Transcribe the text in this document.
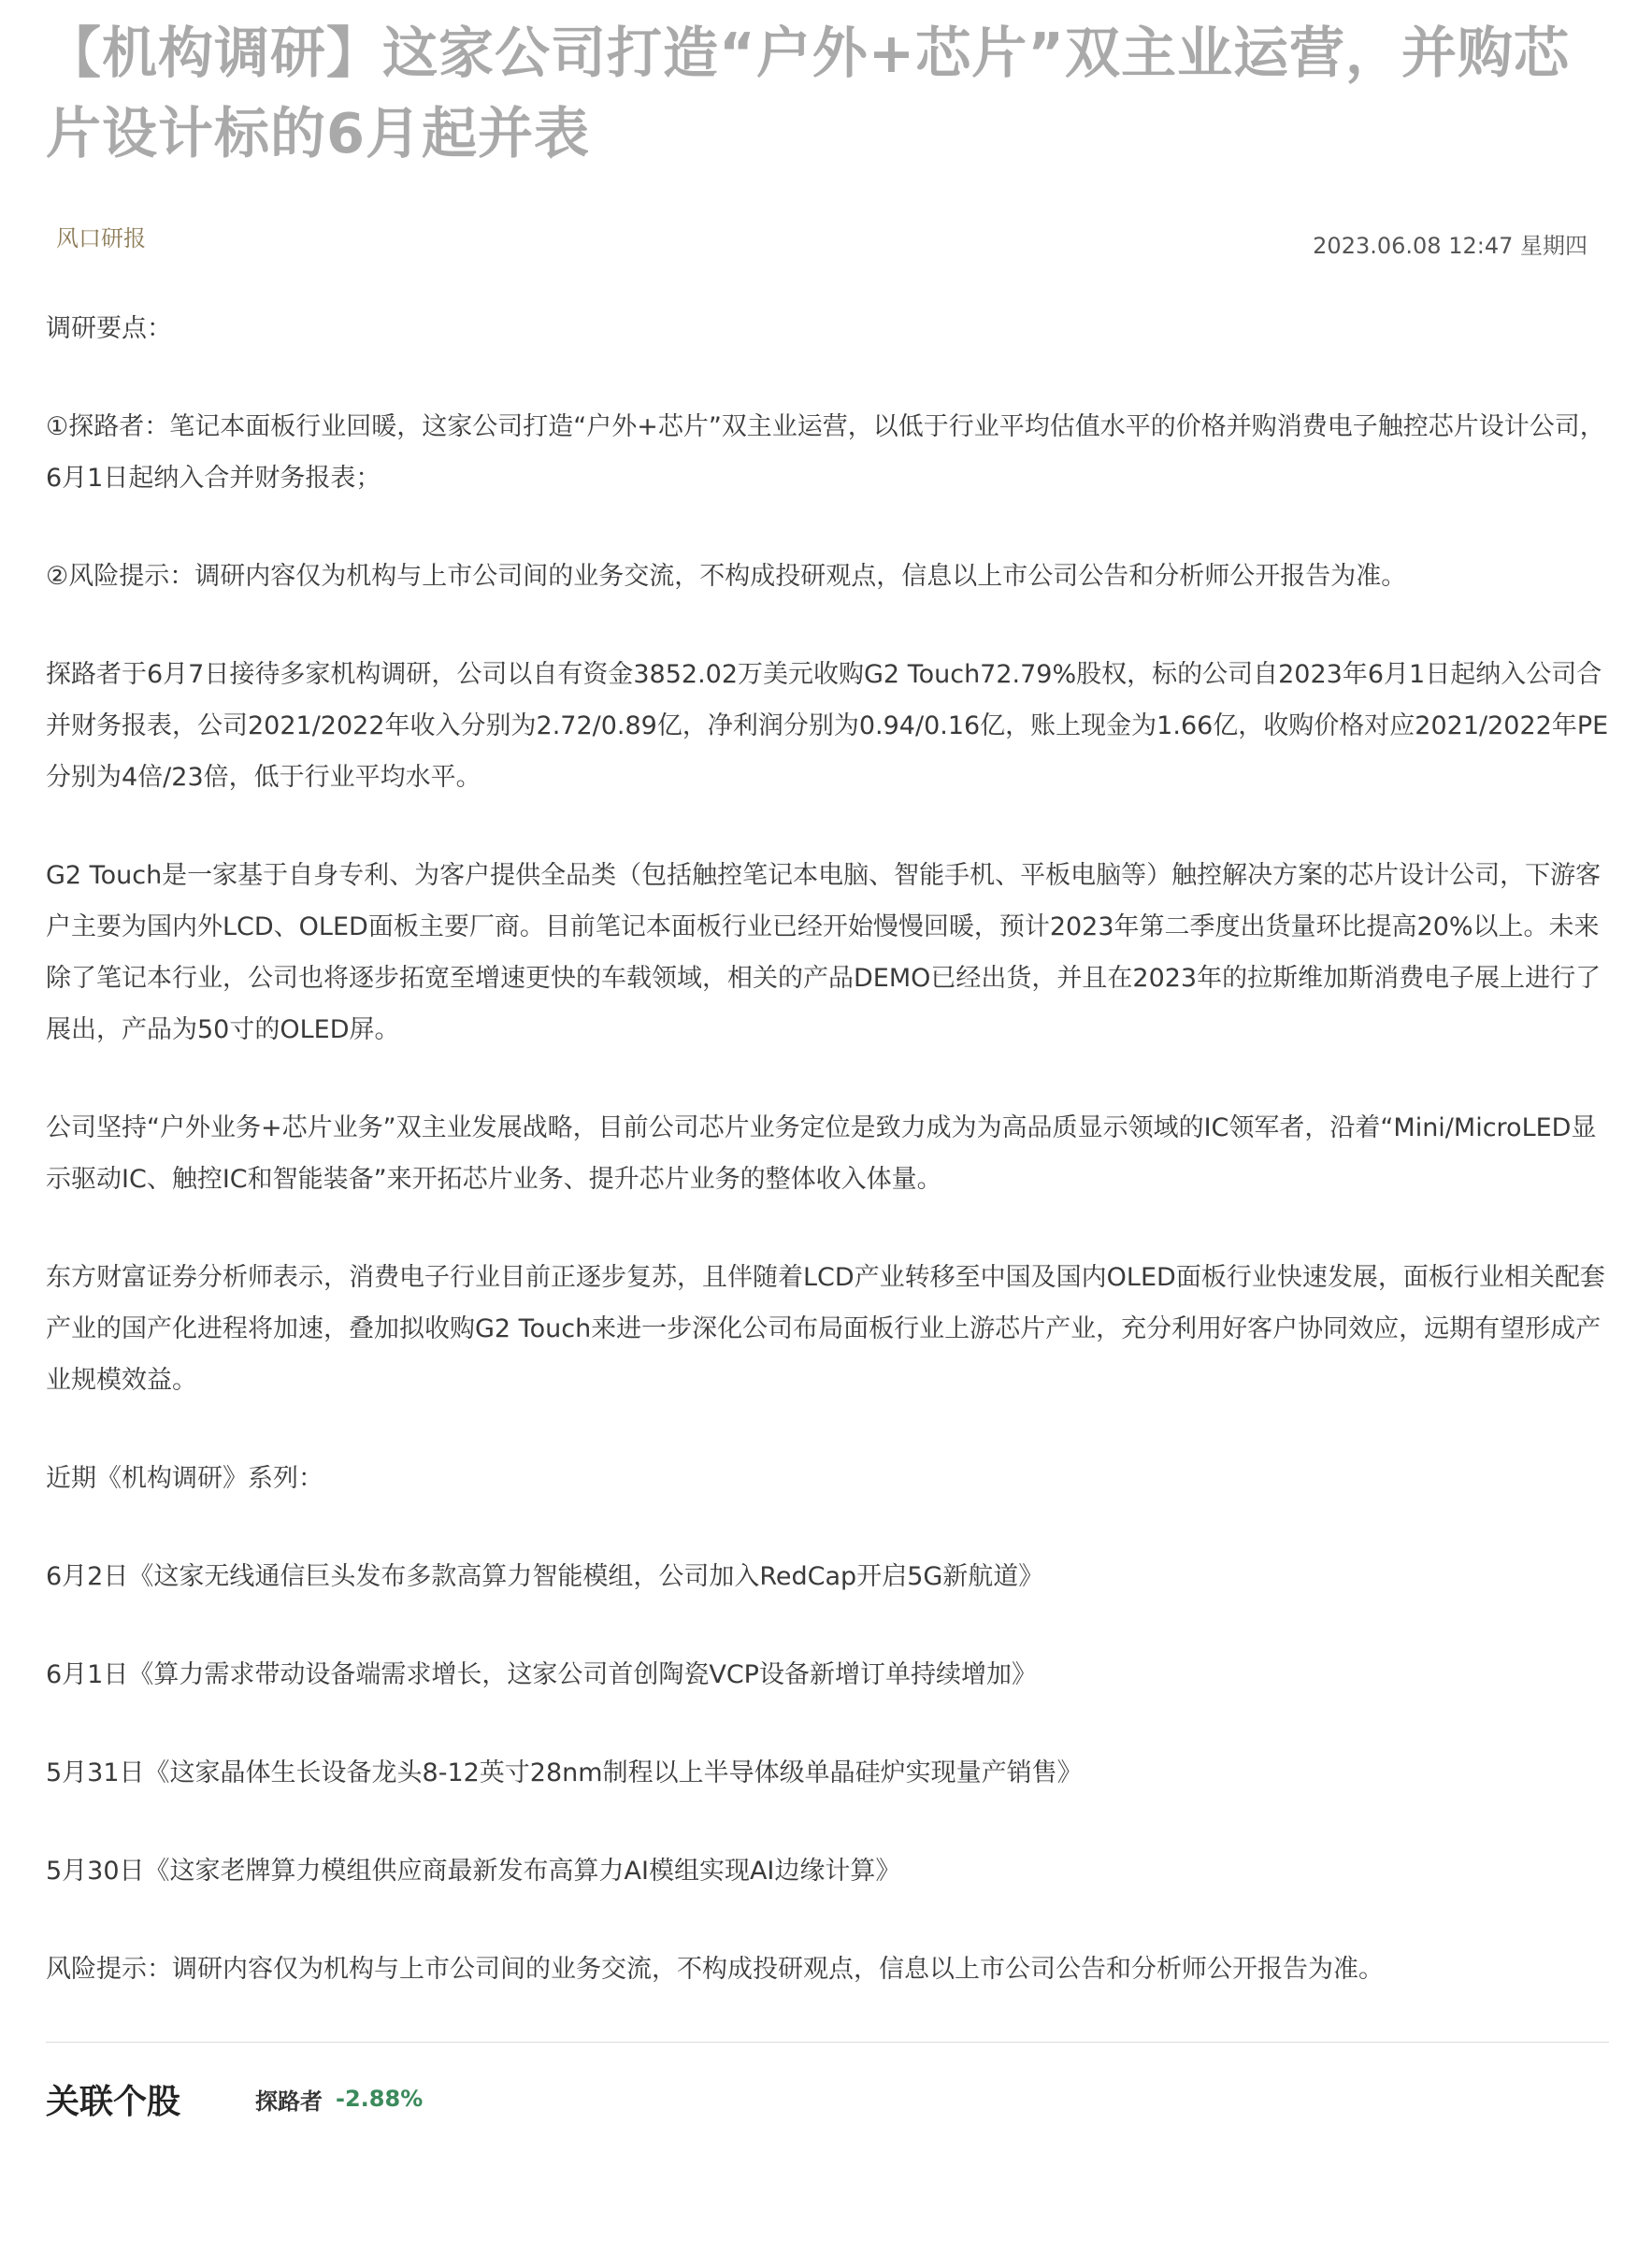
【机构调研】这家公司打造“户外+芯片”双主业运营，并购芯片设计标的6月起并表
风口研报	2023.06.08 12:47 星期四

调研要点：

①探路者：笔记本面板行业回暖，这家公司打造“户外+芯片”双主业运营，以低于行业平均估值水平的价格并购消费电子触控芯片设计公司，6月1日起纳入合并财务报表；

②风险提示：调研内容仅为机构与上市公司间的业务交流，不构成投研观点，信息以上市公司公告和分析师公开报告为准。

探路者于6月7日接待多家机构调研，公司以自有资金3852.02万美元收购G2 Touch72.79%股权，标的公司自2023年6月1日起纳入公司合并财务报表，公司2021/2022年收入分别为2.72/0.89亿，净利润分别为0.94/0.16亿，账上现金为1.66亿，收购价格对应2021/2022年PE分别为4倍/23倍，低于行业平均水平。

G2 Touch是一家基于自身专利、为客户提供全品类（包括触控笔记本电脑、智能手机、平板电脑等）触控解决方案的芯片设计公司，下游客户主要为国内外LCD、OLED面板主要厂商。目前笔记本面板行业已经开始慢慢回暖，预计2023年第二季度出货量环比提高20%以上。未来除了笔记本行业，公司也将逐步拓宽至增速更快的车载领域，相关的产品DEMO已经出货，并且在2023年的拉斯维加斯消费电子展上进行了展出，产品为50寸的OLED屏。

公司坚持“户外业务+芯片业务”双主业发展战略，目前公司芯片业务定位是致力成为为高品质显示领域的IC领军者，沿着“Mini/MicroLED显示驱动IC、触控IC和智能装备”来开拓芯片业务、提升芯片业务的整体收入体量。

东方财富证券分析师表示，消费电子行业目前正逐步复苏，且伴随着LCD产业转移至中国及国内OLED面板行业快速发展，面板行业相关配套产业的国产化进程将加速，叠加拟收购G2 Touch来进一步深化公司布局面板行业上游芯片产业，充分利用好客户协同效应，远期有望形成产业规模效益。

近期《机构调研》系列：

6月2日《这家无线通信巨头发布多款高算力智能模组，公司加入RedCap开启5G新航道》

6月1日《算力需求带动设备端需求增长，这家公司首创陶瓷VCP设备新增订单持续增加》

5月31日《这家晶体生长设备龙头8-12英寸28nm制程以上半导体级单晶硅炉实现量产销售》

5月30日《这家老牌算力模组供应商最新发布高算力AI模组实现AI边缘计算》

风险提示：调研内容仅为机构与上市公司间的业务交流，不构成投研观点，信息以上市公司公告和分析师公开报告为准。

关联个股	探路者 -2.88%
